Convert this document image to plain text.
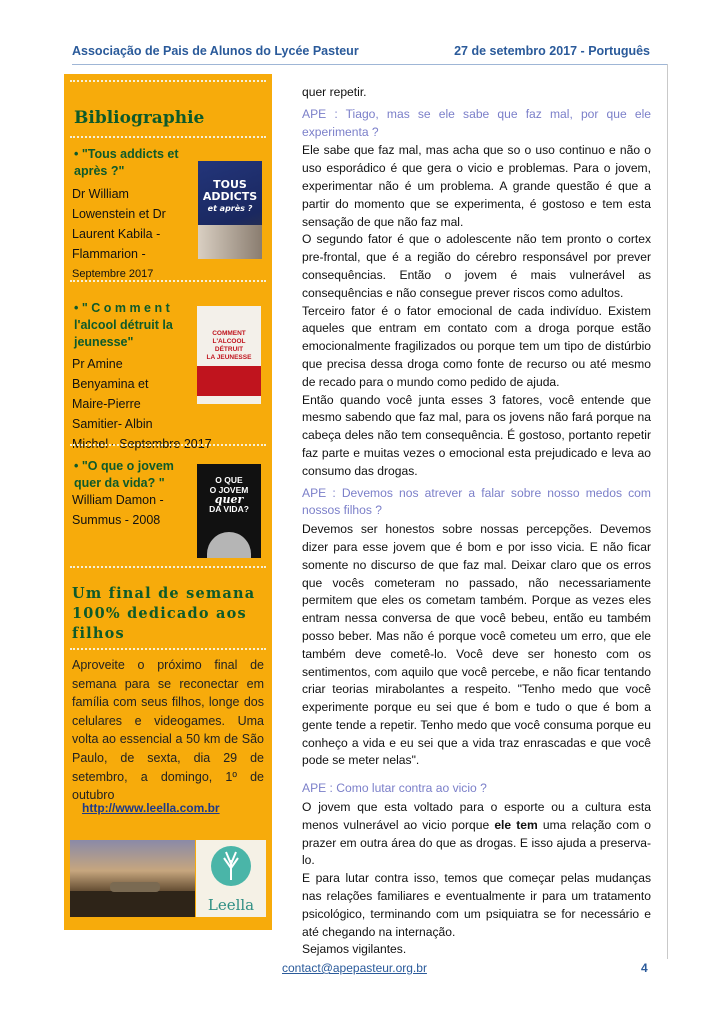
Associação de Pais de Alunos do Lycée Pasteur	27 de setembro 2017 - Português
Bibliographie
• "Tous addicts et après ?"
Dr William
Lowenstein et Dr
Laurent Kabila -
Flammarion -
Septembre 2017
TOUS
ADDICTS
et après ?
• " C o m m e n t l'alcool détruit la jeunesse"
Pr Amine
Benyamina et
Maire-Pierre
Samitier- Albin
Michel - Septembre 2017
COMMENT
L'ALCOOL DÉTRUIT
LA JEUNESSE
• "O que o jovem quer da vida? "
William Damon -
Summus - 2008
O QUE
O JOVEM
quer
DA VIDA?
Um final de semana 100% dedicado aos filhos
Aproveite o próximo final de semana para se reconectar em família com seus filhos, longe dos celulares e videogames. Uma volta ao essencial a 50 km de São Paulo, de sexta, dia 29 de setembro, a domingo, 1º de outubro
http://www.leella.com.br
Leella

quer repetir.

APE : Tiago, mas se ele sabe que faz mal, por que ele experimenta ?

Ele sabe que faz mal, mas acha que so o uso continuo e não o uso esporádico é que gera o vicio e problemas. Para o jovem, experimentar não é um problema. A grande questão é que a partir do momento que se experimenta, é gostoso e tem esta sensação de que não faz mal.

O segundo fator é que o adolescente não tem pronto o cortex pre-frontal, que é a região do cérebro responsável por prever consequências. Então o jovem é mais vulnerável as consequências e não consegue prever riscos como adultos.

Terceiro fator é o fator emocional de cada indivíduo. Existem aqueles que entram em contato com a droga porque estão emocionalmente fragilizados ou porque tem um tipo de distúrbio que precisa dessa droga como fonte de recurso ou até mesmo de recado para o mundo como pedido de ajuda.

Então quando você junta esses 3 fatores, você entende que mesmo sabendo que faz mal, para os jovens não fará porque na cabeça deles não tem consequência. É gostoso, portanto repetir faz parte e muitas vezes o emocional esta prejudicado e leva ao consumo das drogas.

APE : Devemos nos atrever a falar sobre nosso medos com nossos filhos ?

Devemos ser honestos sobre nossas percepções. Devemos dizer para esse jovem que é bom e por isso vicia. E não ficar somente no discurso de que faz mal. Deixar claro que os erros que vocês cometeram no passado, não necessariamente permitem que eles os cometam também. Porque as vezes eles entram nessa conversa de que você bebeu, então eu também posso beber. Mas não é porque você cometeu um erro, que ele também deve cometê-lo. Você deve ser honesto com os sentimentos, com aquilo que você percebe, e não ficar tentando criar teorias mirabolantes a respeito. "Tenho medo que você experimente porque eu sei que é bom e tudo o que é bom a gente tende a repetir. Tenho medo que você consuma porque eu conheço a vida e eu sei que a vida traz enrascadas e que você pode se meter nelas".

APE : Como lutar contra ao vicio ?

O jovem que esta voltado para o esporte ou a cultura esta menos vulnerável ao vicio porque ele tem uma relação com o prazer em outra área do que as drogas. E isso ajuda a preserva-lo.

E para lutar contra isso, temos que começar pelas mudanças nas relações familiares e eventualmente ir para um tratamento psicológico, terminando com um psiquiatra se for necessário e até chegando na internação.

Sejamos vigilantes.

contact@apepasteur.org.br	4
